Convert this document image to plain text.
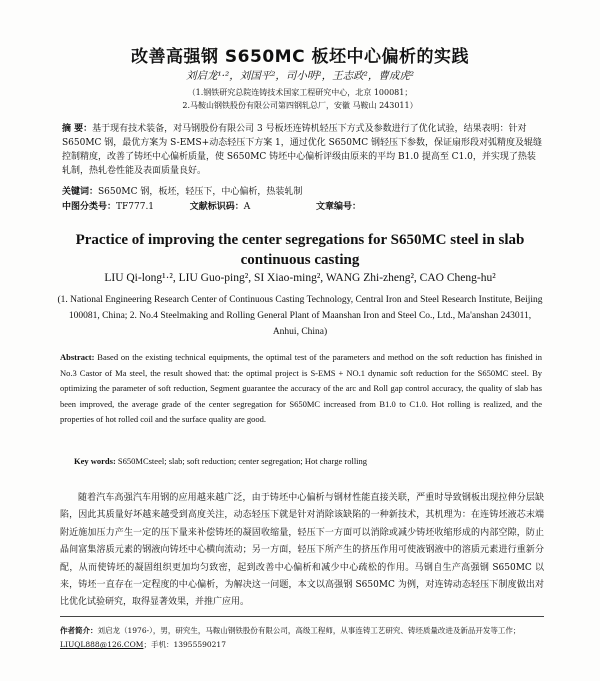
改善高强钢 S650MC 板坯中心偏析的实践
刘启龙¹·²，刘国平²，司小明²，王志政²，曹成虎²
（1.钢铁研究总院连铸技术国家工程研究中心，北京 100081；
2.马鞍山钢铁股份有限公司第四钢轧总厂，安徽 马鞍山 243011）
摘 要：基于现有技术装备，对马钢股份有限公司 3 号板坯连铸机轻压下方式及参数进行了优化试验，结果表明：针对 S650MC 钢，最优方案为 S-EMS+动态轻压下方案 1，通过优化 S650MC 钢轻压下参数，保证扇形段对弧精度及辊缝控制精度，改善了铸坯中心偏析质量，使 S650MC 铸坯中心偏析评级由原来的平均 B1.0 提高至 C1.0，并实现了热装轧制，热轧卷性能及表面质量良好。
关键词：S650MC 钢，板坯，轻压下，中心偏析，热装轧制
中图分类号：TF777.1	文献标识码：A	文章编号：
Practice of improving the center segregations for S650MC steel in slab continuous casting
LIU Qi-long¹·², LIU Guo-ping², SI Xiao-ming², WANG Zhi-zheng², CAO Cheng-hu²
(1. National Engineering Research Center of Continuous Casting Technology, Central Iron and Steel Research Institute, Beijing 100081, China; 2. No.4 Steelmaking and Rolling General Plant of Maanshan Iron and Steel Co., Ltd., Ma'anshan 243011, Anhui, China)
Abstract: Based on the existing technical equipments, the optimal test of the parameters and method on the soft reduction has finished in No.3 Castor of Ma steel, the result showed that: the optimal project is S-EMS + NO.1 dynamic soft reduction for the S650MC steel. By optimizing the parameter of soft reduction, Segment guarantee the accuracy of the arc and Roll gap control accuracy, the quality of slab has been improved, the average grade of the center segregation for S650MC increased from B1.0 to C1.0. Hot rolling is realized, and the properties of hot rolled coil and the surface quality are good.
Key words: S650MCsteel; slab; soft reduction; center segregation; Hot charge rolling
随着汽车高强汽车用钢的应用越来越广泛，由于铸坯中心偏析与钢材性能直接关联，严重时导致钢板出现拉伸分层缺陷，因此其质量好坏越来越受到高度关注，动态轻压下就是针对消除该缺陷的一种新技术，其机理为：在连铸坯液芯末端附近施加压力产生一定的压下量来补偿铸坯的凝固收缩量，轻压下一方面可以消除或减少铸坯收缩形成的内部空隙，防止晶间富集溶质元素的钢液向铸坯中心横向流动；另一方面，轻压下所产生的挤压作用可使液钢液中的溶质元素进行重新分配，从而使铸坯的凝固组织更加均匀致密，起到改善中心偏析和减少中心疏松的作用。马钢自生产高强钢 S650MC 以来，铸坯一直存在一定程度的中心偏析，为解决这一问题，本文以高强钢 S650MC 为例，对连铸动态轻压下制度做出对比优化试验研究，取得显著效果，并推广应用。
作者简介：刘启龙（1976-），男，研究生，马鞍山钢铁股份有限公司，高级工程师，从事连铸工艺研究、铸坯质量改进及新品开发等工作；LIUQL888@126.COM；手机：13955590217
